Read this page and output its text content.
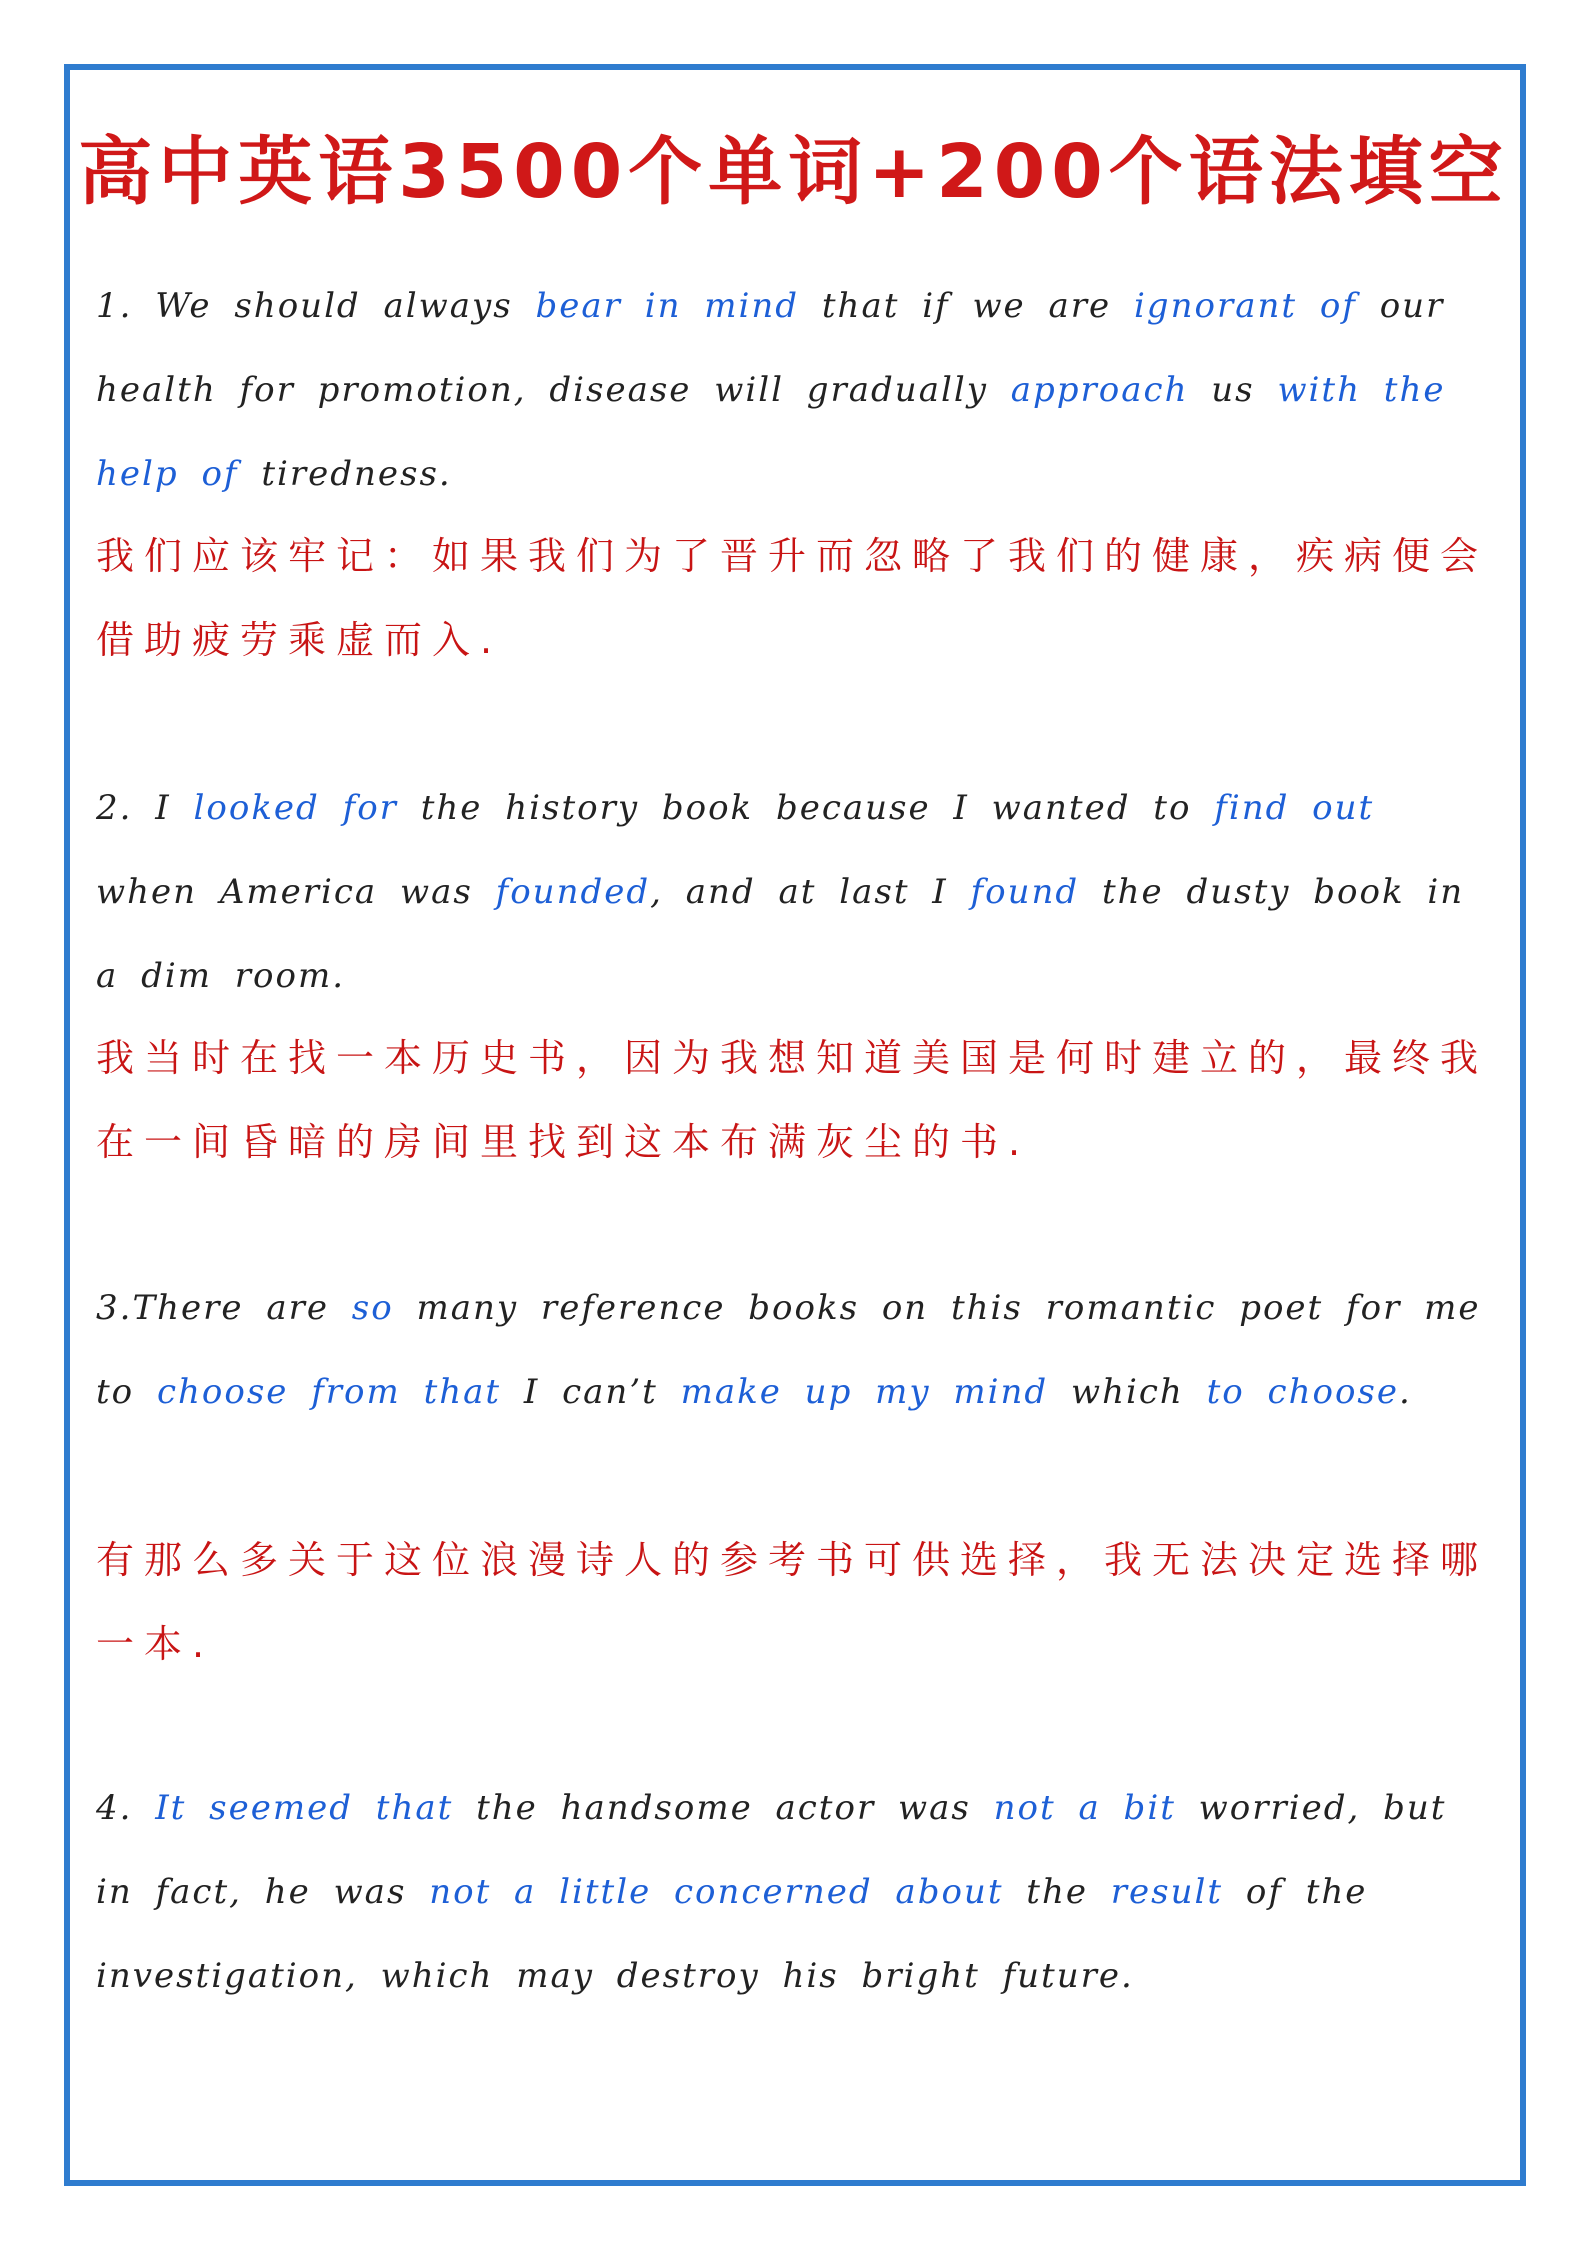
高中英语3500个单词+200个语法填空
1. We should always bear in mind that if we are ignorant of our health for promotion, disease will gradually approach us with the help of tiredness.
我们应该牢记：如果我们为了晋升而忽略了我们的健康，疾病便会借助疲劳乘虚而入.
2. I looked for the history book because I wanted to find out when America was founded, and at last I found the dusty book in a dim room.
我当时在找一本历史书，因为我想知道美国是何时建立的，最终我在一间昏暗的房间里找到这本布满灰尘的书.
3.There are so many reference books on this romantic poet for me to choose from that I can’t make up my mind which to choose.
有那么多关于这位浪漫诗人的参考书可供选择，我无法决定选择哪一本.
4. It seemed that the handsome actor was not a bit worried, but in fact, he was not a little concerned about the result of the investigation, which may destroy his bright future.
